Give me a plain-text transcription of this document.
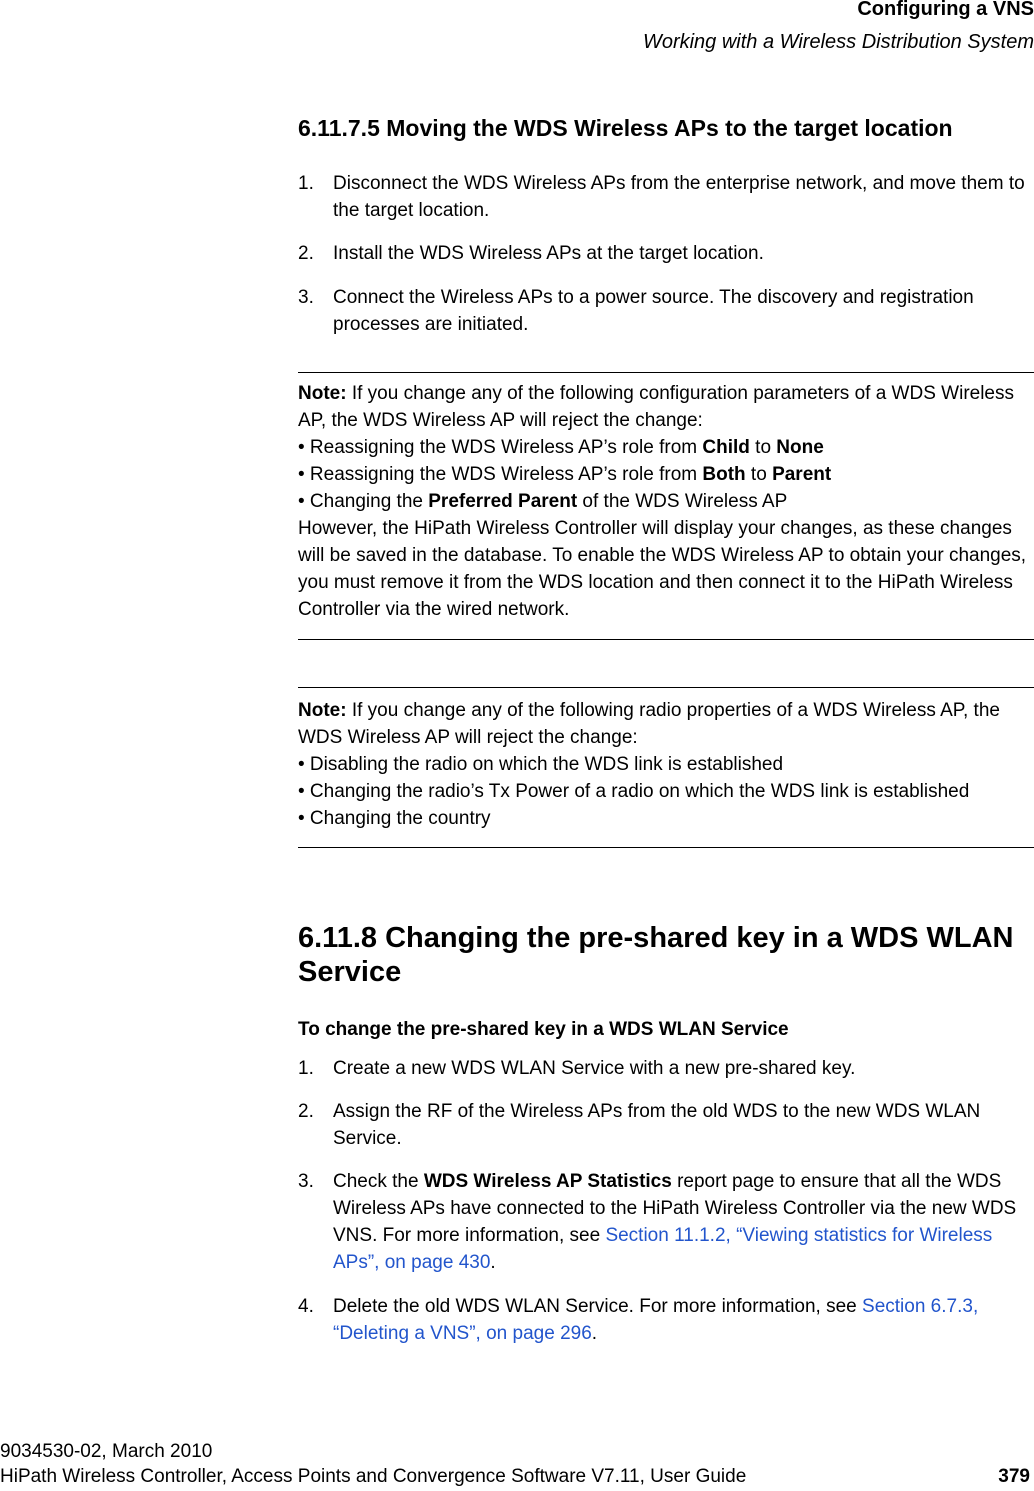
Configuring a VNS
Working with a Wireless Distribution System
6.11.7.5 Moving the WDS Wireless APs to the target location
1. Disconnect the WDS Wireless APs from the enterprise network, and move them to the target location.
2. Install the WDS Wireless APs at the target location.
3. Connect the Wireless APs to a power source. The discovery and registration processes are initiated.

Note: If you change any of the following configuration parameters of a WDS Wireless AP, the WDS Wireless AP will reject the change:

• Reassigning the WDS Wireless AP’s role from Child to None

• Reassigning the WDS Wireless AP’s role from Both to Parent

• Changing the Preferred Parent of the WDS Wireless AP

However, the HiPath Wireless Controller will display your changes, as these changes will be saved in the database. To enable the WDS Wireless AP to obtain your changes, you must remove it from the WDS location and then connect it to the HiPath Wireless Controller via the wired network.

Note: If you change any of the following radio properties of a WDS Wireless AP, the WDS Wireless AP will reject the change:

• Disabling the radio on which the WDS link is established

• Changing the radio’s Tx Power of a radio on which the WDS link is established

• Changing the country

6.11.8 Changing the pre-shared key in a WDS WLAN Service
To change the pre-shared key in a WDS WLAN Service
1. Create a new WDS WLAN Service with a new pre-shared key.
2. Assign the RF of the Wireless APs from the old WDS to the new WDS WLAN Service.
3. Check the WDS Wireless AP Statistics report page to ensure that all the WDS Wireless APs have connected to the HiPath Wireless Controller via the new WDS VNS. For more information, see Section 11.1.2, “Viewing statistics for Wireless APs”, on page 430.
4. Delete the old WDS WLAN Service. For more information, see Section 6.7.3, “Deleting a VNS”, on page 296.
9034530-02, March 2010
HiPath Wireless Controller, Access Points and Convergence Software V7.11, User Guide	379
